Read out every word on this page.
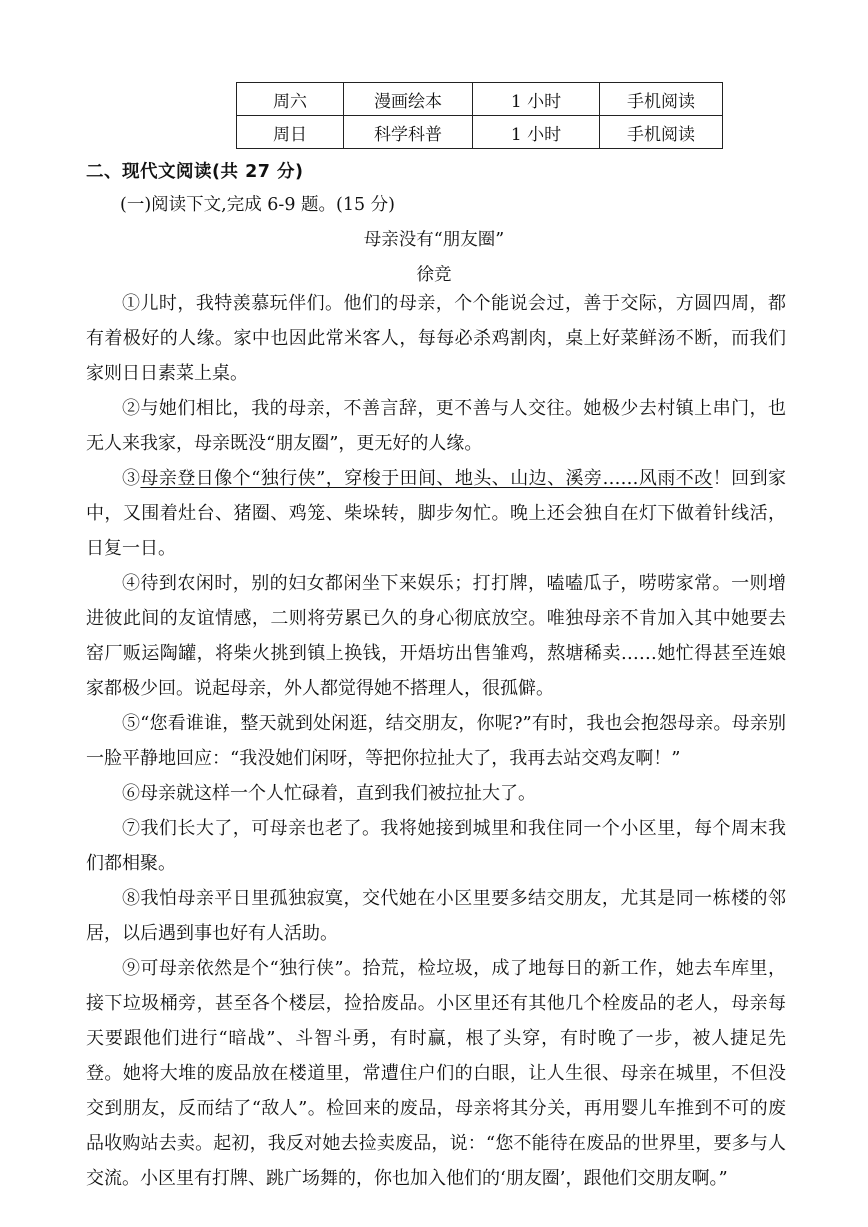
周六	漫画绘本	1 小时	手机阅读
周日	科学科普	1 小时	手机阅读
二、现代文阅读(共 27 分)
(一)阅读下文,完成 6-9 题。(15 分)
母亲没有“朋友圈”
徐竞

①儿时，我特羡慕玩伴们。他们的母亲，个个能说会过，善于交际，方圆四周，都有着极好的人缘。家中也因此常米客人，每每必杀鸡割肉，桌上好菜鲜汤不断，而我们家则日日素菜上桌。

②与她们相比，我的母亲，不善言辞，更不善与人交往。她极少去村镇上串门，也无人来我家，母亲既没“朋友圈”，更无好的人缘。

③母亲登日像个“独行侠”，穿梭于田间、地头、山边、溪旁……风雨不改！回到家中，又围着灶台、猪圈、鸡笼、柴垛转，脚步匆忙。晚上还会独自在灯下做着针线活，日复一日。

④待到农闲时，别的妇女都闲坐下来娱乐；打打牌，嗑嗑瓜子，唠唠家常。一则增进彼此间的友谊情感，二则将劳累已久的身心彻底放空。唯独母亲不肯加入其中她要去窑厂贩运陶罐，将柴火挑到镇上换钱，开焐坊出售雏鸡，熬塘稀卖……她忙得甚至连娘家都极少回。说起母亲，外人都觉得她不搭理人，很孤僻。

⑤“您看谁谁，整天就到处闲逛，结交朋友，你呢?”有时，我也会抱怨母亲。母亲别一脸平静地回应：“我没她们闲呀，等把你拉扯大了，我再去站交鸡友啊！”

⑥母亲就这样一个人忙碌着，直到我们被拉扯大了。

⑦我们长大了，可母亲也老了。我将她接到城里和我住同一个小区里，每个周末我们都相聚。

⑧我怕母亲平日里孤独寂寞，交代她在小区里要多结交朋友，尤其是同一栋楼的邻居，以后遇到事也好有人活助。

⑨可母亲依然是个“独行侠”。拾荒，检垃圾，成了地每日的新工作，她去车库里，接下垃圾桶旁，甚至各个楼层，捡拾废品。小区里还有其他几个栓废品的老人，母亲每天要跟他们进行“暗战”、斗智斗勇，有时赢，根了头穿，有时晚了一步，被人捷足先登。她将大堆的废品放在楼道里，常遭住户们的白眼，让人生很、母亲在城里，不但没交到朋友，反而结了“敌人”。检回来的废品，母亲将其分关，再用婴儿车推到不可的废品收购站去卖。起初，我反对她去捡卖废品，说：“您不能待在废品的世界里，要多与人交流。小区里有打牌、跳广场舞的，你也加入他们的‘朋友圈’，跟他们交朋友啊。”
